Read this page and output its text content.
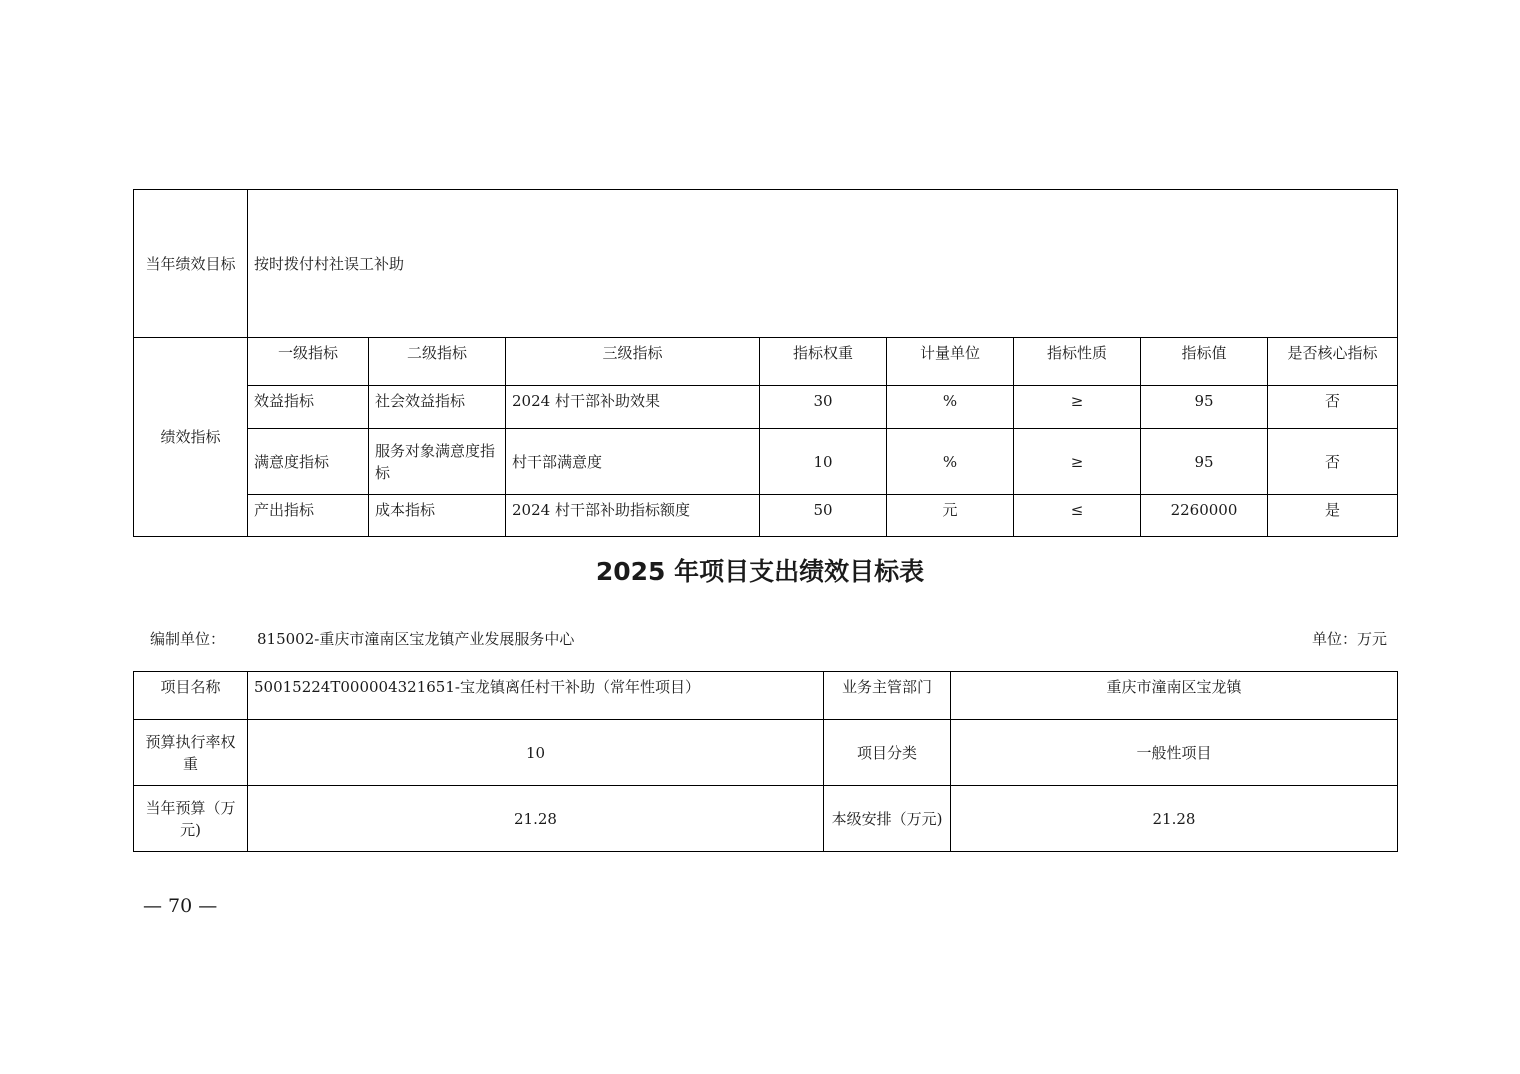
当年绩效目标	按时拨付村社误工补助							
绩效指标	一级指标	二级指标	三级指标	指标权重	计量单位	指标性质	指标值	是否核心指标
	效益指标	社会效益指标	2024 村干部补助效果	30	%	≥	95	否
	满意度指标	服务对象满意度指标	村干部满意度	10	%	≥	95	否
	产出指标	成本指标	2024 村干部补助指标额度	50	元	≤	2260000	是
2025 年项目支出绩效目标表
编制单位： 815002-重庆市潼南区宝龙镇产业发展服务中心	单位：万元
项目名称	50015224T000004321651-宝龙镇离任村干补助（常年性项目）	业务主管部门	重庆市潼南区宝龙镇
预算执行率权重	10	项目分类	一般性项目
当年预算（万元)	21.28	本级安排（万元)	21.28
— 70 —
